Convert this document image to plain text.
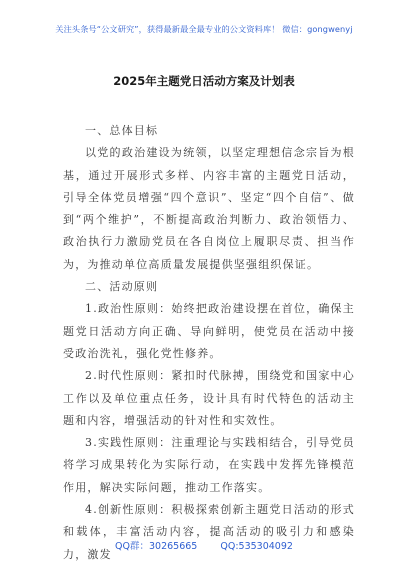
关注头条号“公文研究”，获得最新最全最专业的公文资料库！ 微信：gongwenyj
2025年主题党日活动方案及计划表

一、总体目标

以党的政治建设为统领，以坚定理想信念宗旨为根基，通过开展形式多样、内容丰富的主题党日活动，引导全体党员增强“四个意识”、坚定“四个自信”、做到“两个维护”，不断提高政治判断力、政治领悟力、政治执行力激励党员在各自岗位上履职尽责、担当作为，为推动单位高质量发展提供坚强组织保证。

二、活动原则

1.政治性原则：始终把政治建设摆在首位，确保主题党日活动方向正确、导向鲜明，使党员在活动中接受政治洗礼，强化党性修养。

2.时代性原则：紧扣时代脉搏，围绕党和国家中心工作以及单位重点任务，设计具有时代特色的活动主题和内容，增强活动的针对性和实效性。

3.实践性原则：注重理论与实践相结合，引导党员将学习成果转化为实际行动，在实践中发挥先锋模范作用，解决实际问题，推动工作落实。

4.创新性原则：积极探索创新主题党日活动的形式和载体，丰富活动内容，提高活动的吸引力和感染力，激发

QQ群：30265665 QQ:535304092
